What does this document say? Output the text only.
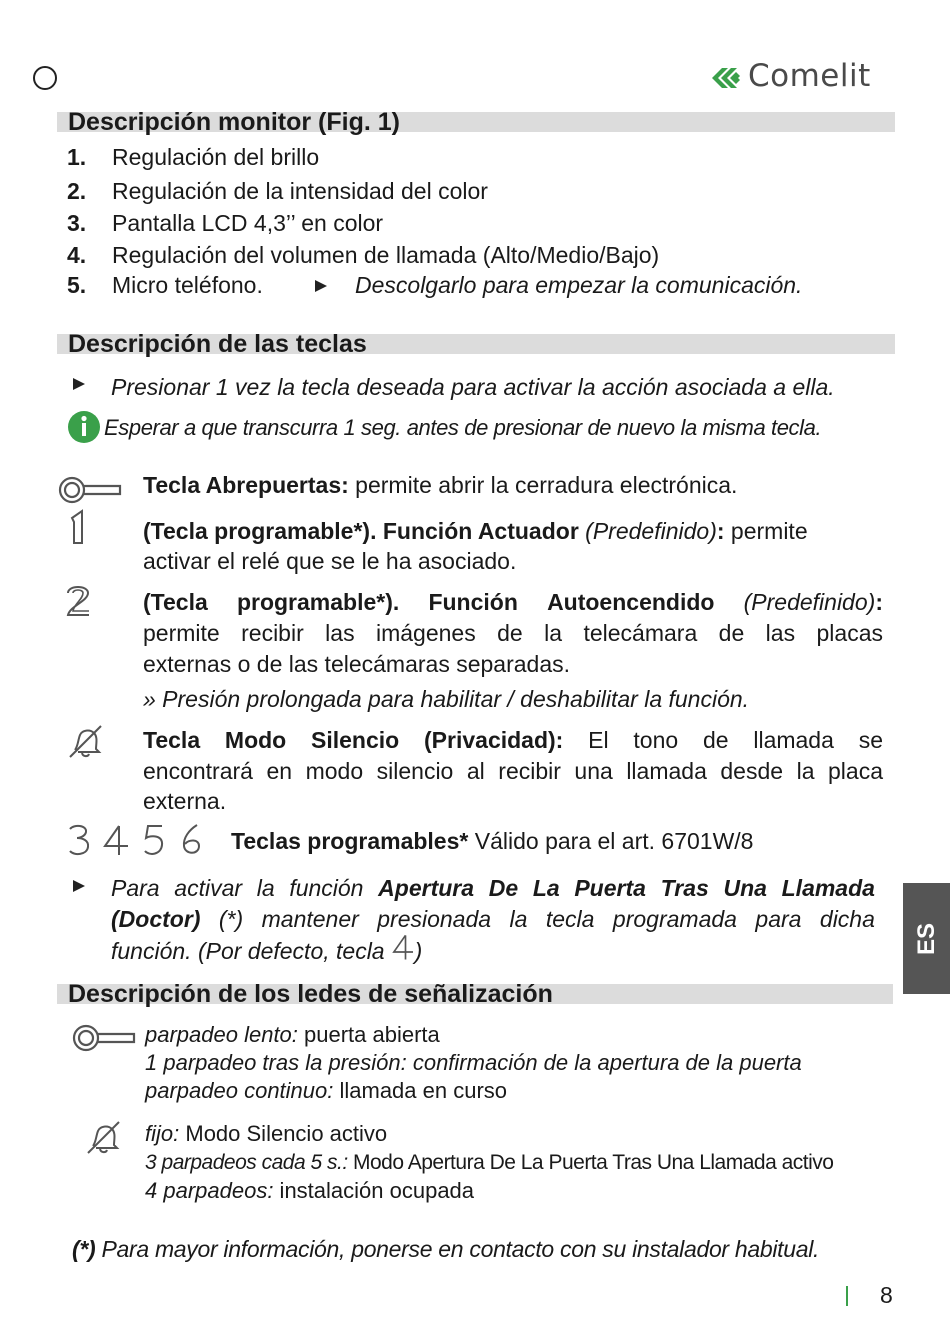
Comelit
Descripción monitor (Fig. 1)
1. Regulación del brillo
2. Regulación de la intensidad del color
3. Pantalla LCD 4,3’’ en color
4. Regulación del volumen de llamada (Alto/Medio/Bajo)
5. Micro teléfono.	Descolgarlo para empezar la comunicación.
Descripción de las teclas
Presionar 1 vez la tecla deseada para activar la acción asociada a ella.
Esperar a que transcurra 1 seg. antes de presionar de nuevo la misma tecla.
Tecla Abrepuertas: permite abrir la cerradura electrónica.
(Tecla programable*). Función Actuador (Predefinido): permite
activar el relé que se le ha asociado.
(Tecla programable*). Función Autoencendido (Predefinido):
permite recibir las imágenes de la telecámara de las placas
externas o de las telecámaras separadas.
» Presión prolongada para habilitar / deshabilitar la función.
Tecla Modo Silencio (Privacidad): El tono de llamada se
encontrará en modo silencio al recibir una llamada desde la placa
externa.
Teclas programables* Válido para el art. 6701W/8
Para activar la función Apertura De La Puerta Tras Una Llamada
(Doctor) (*) mantener presionada la tecla programada para dicha
función. (Por defecto, tecla )
Descripción de los ledes de señalización
parpadeo lento: puerta abierta
1 parpadeo tras la presión: confirmación de la apertura de la puerta
parpadeo continuo: llamada en curso
fijo: Modo Silencio activo
3 parpadeos cada 5 s.: Modo Apertura De La Puerta Tras Una Llamada activo
4 parpadeos: instalación ocupada
(*) Para mayor información, ponerse en contacto con su instalador habitual.
ES
8
